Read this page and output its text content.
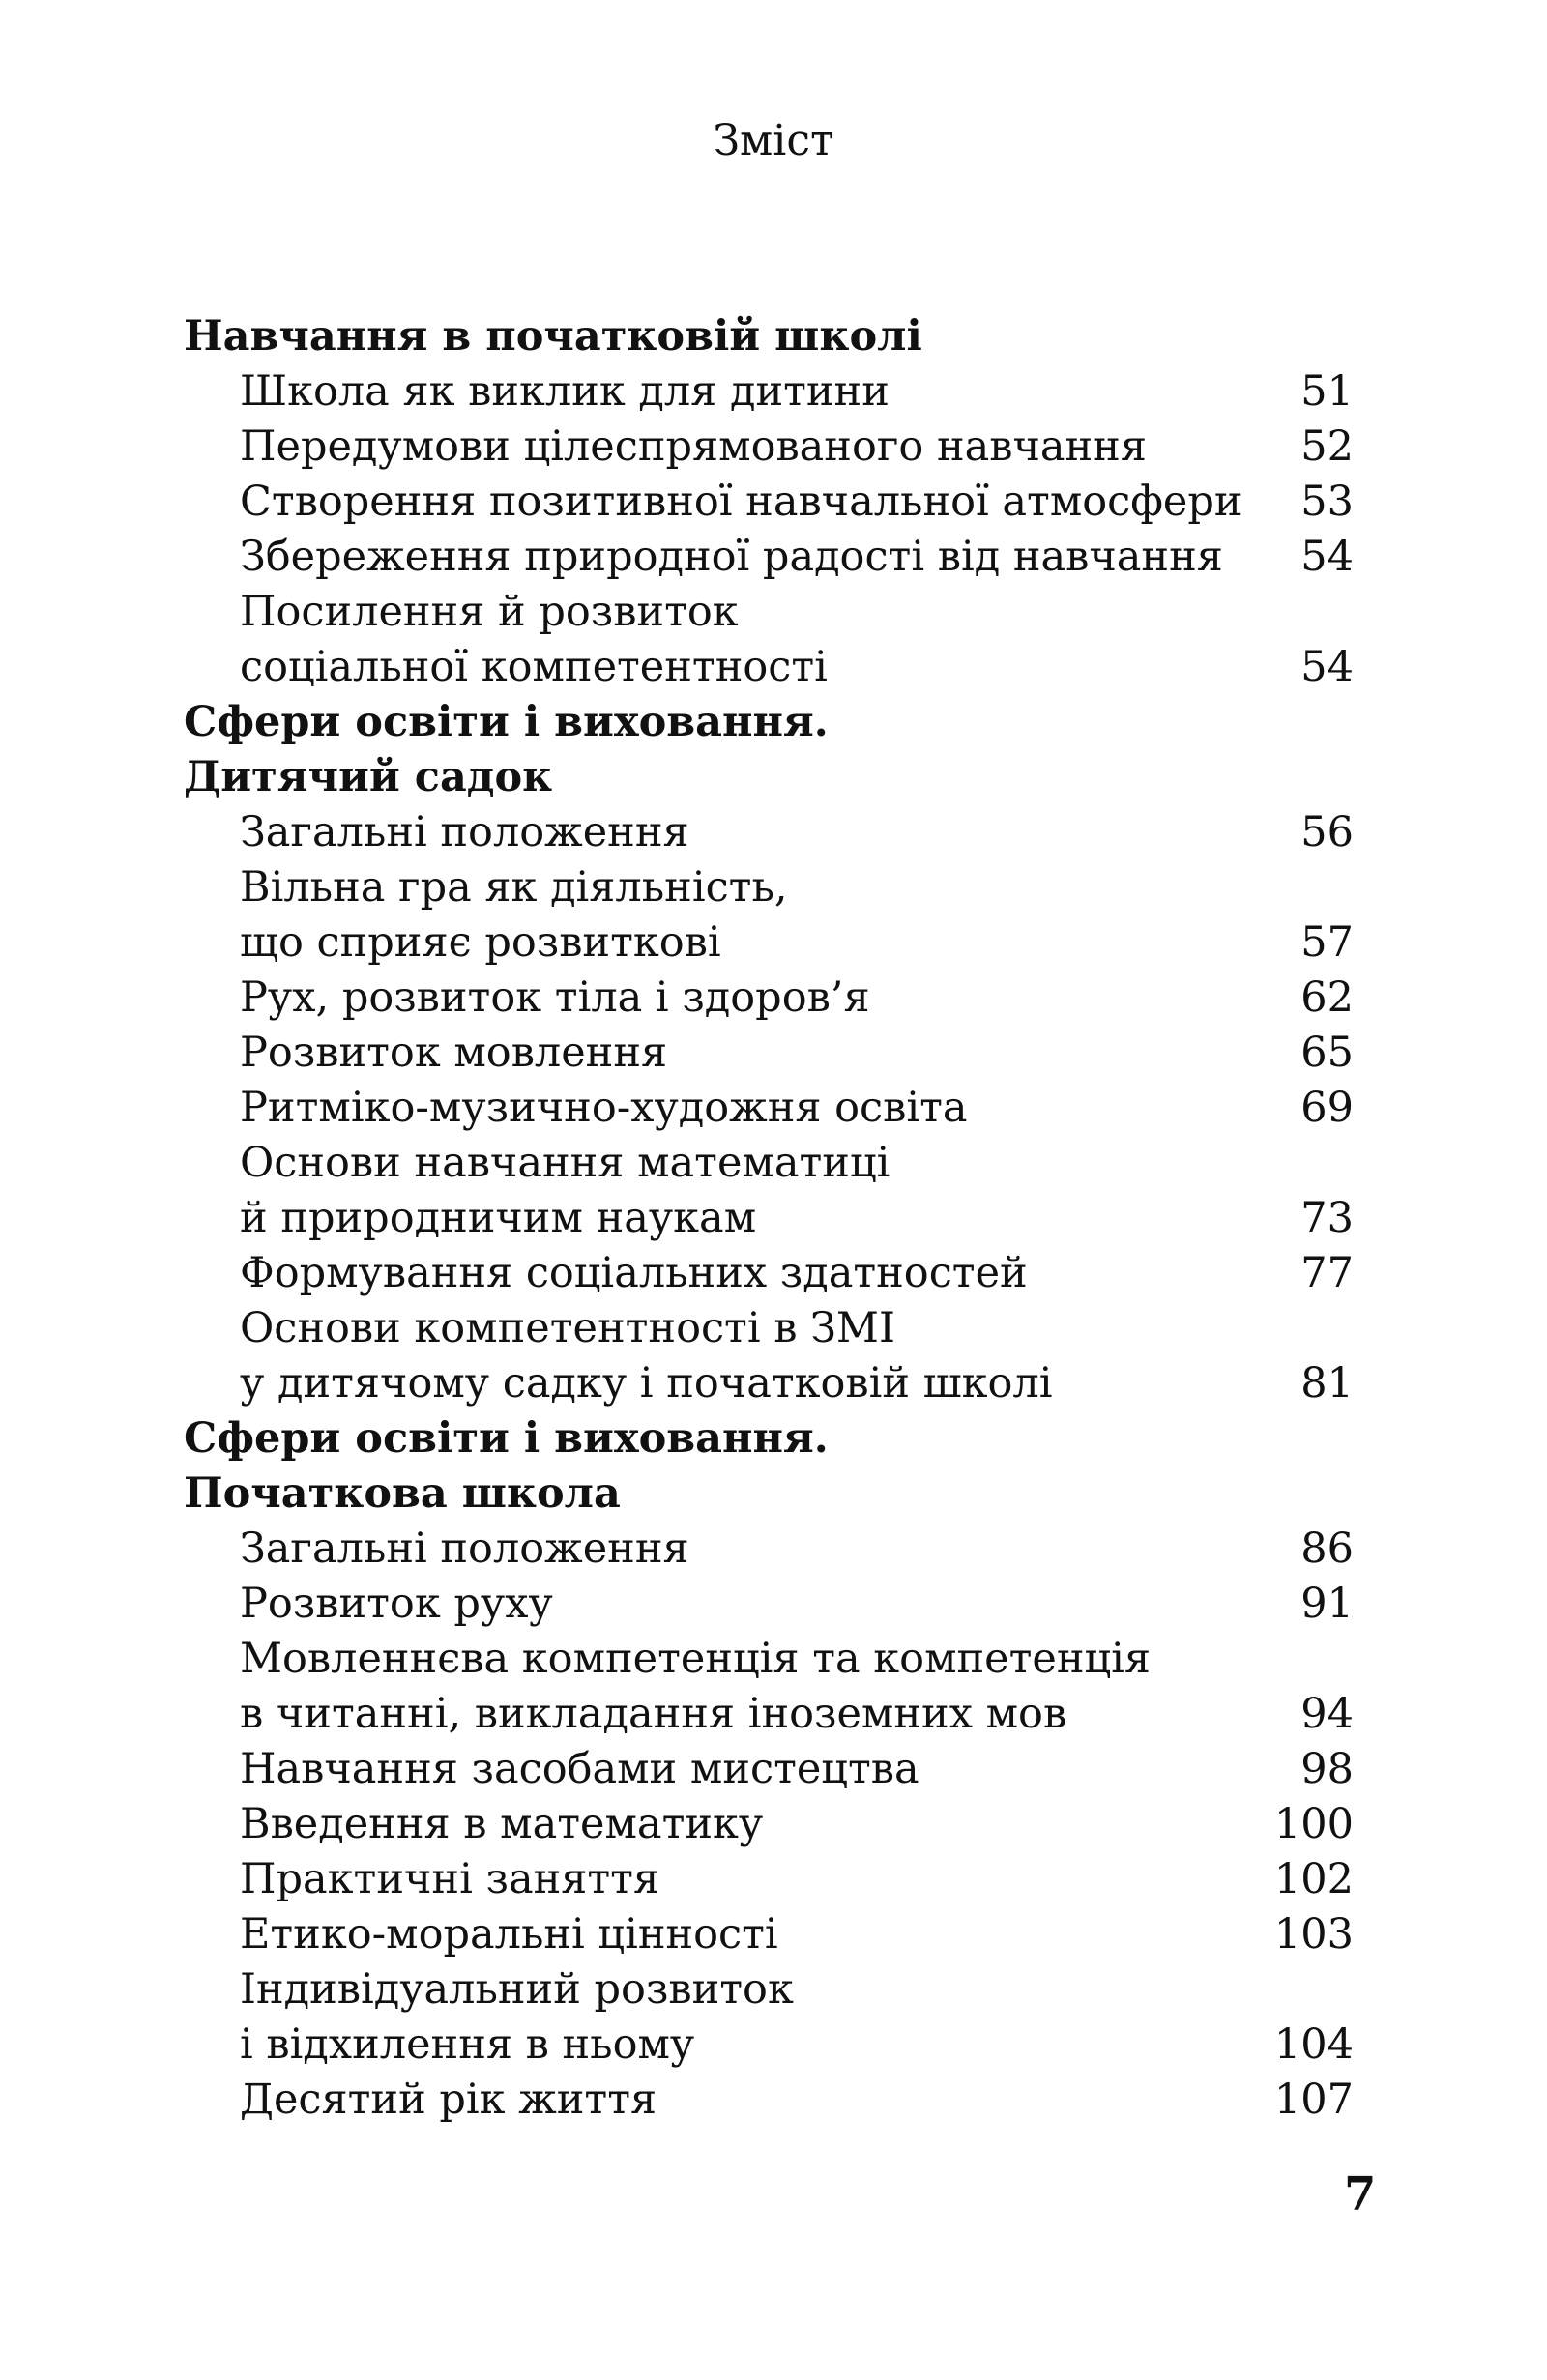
Зміст
Навчання в початковій школі
Школа як виклик для дитини	51
Передумови цілеспрямованого навчання	52
Створення позитивної навчальної атмосфери 53
Збереження природної радості від навчання 54
Посилення й розвиток
соціальної компетентності	54
Сфери освіти і виховання.
Дитячий садок
Загальні положення	56
Вільна гра як діяльність,
що сприяє розвиткові	57
Рух, розвиток тіла і здоров’я	62
Розвиток мовлення	65
Ритміко-музично-художня освіта	69
Основи навчання математиці
й природничим наукам	73
Формування соціальних здатностей	77
Основи компетентності в ЗМІ
у дитячому садку і початковій школі	81
Сфери освіти і виховання.
Початкова школа
Загальні положення	86
Розвиток руху	91
Мовленнєва компетенція та компетенція
в читанні, викладання іноземних мов	94
Навчання засобами мистецтва	98
Введення в математику	100
Практичні заняття	102
Етико-моральні цінності	103
Індивідуальний розвиток
і відхилення в ньому	104
Десятий рік життя	107
7
